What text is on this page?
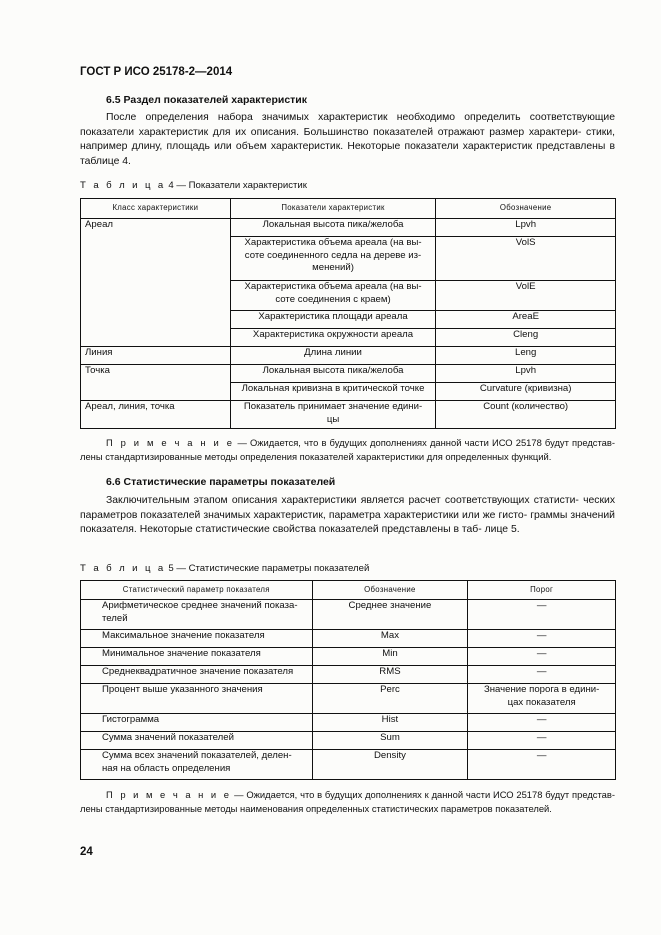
ГОСТ Р ИСО 25178-2—2014
6.5 Раздел показателей характеристик
После определения набора значимых характеристик необходимо определить соответствующие показатели характеристик для их описания. Большинство показателей отражают размер характери- стики, например длину, площадь или объем характеристик. Некоторые показатели характеристик представлены в таблице 4.
Т а б л и ц а 4 — Показатели характеристик
Класс характеристики	Показатели характеристик	Обозначение
Ареал	Локальная высота пика/желоба	Lpvh
	Характеристика объема ареала (на вы-
соте соединенного седла на дереве из-
менений)	VolS
	Характеристика объема ареала (на вы-
соте соединения с краем)	VolE
	Характеристика площади ареала	AreaE
	Характеристика окружности ареала	Cleng
Линия	Длина линии	Leng
Точка	Локальная высота пика/желоба	Lpvh
	Локальная кривизна в критической точке	Curvature (кривизна)
Ареал, линия, точка	Показатель принимает значение едини-
цы	Count (количество)
П р и м е ч а н и е — Ожидается, что в будущих дополнениях данной части ИСО 25178 будут представ- лены стандартизированные методы определения показателей характеристики для определенных функций.
6.6 Статистические параметры показателей
Заключительным этапом описания характеристики является расчет соответствующих статисти- ческих параметров показателей значимых характеристик, параметра характеристики или же гисто- граммы значений показателя. Некоторые статистические свойства показателей представлены в таб- лице 5.
Т а б л и ц а 5 — Статистические параметры показателей
Статистический параметр показателя	Обозначение	Порог
Арифметическое среднее значений показа-
телей	Среднее значение	—
Максимальное значение показателя	Max	—
Минимальное значение показателя	Min	—
Среднеквадратичное значение показателя	RMS	—
Процент выше указанного значения	Perc	Значение порога в едини-
цах показателя
Гистограмма	Hist	—
Сумма значений показателей	Sum	—
Сумма всех значений показателей, делен-
ная на область определения	Density	—
П р и м е ч а н и е — Ожидается, что в будущих дополнениях к данной части ИСО 25178 будут представ- лены стандартизированные методы наименования определенных статистических параметров показателей.
24
